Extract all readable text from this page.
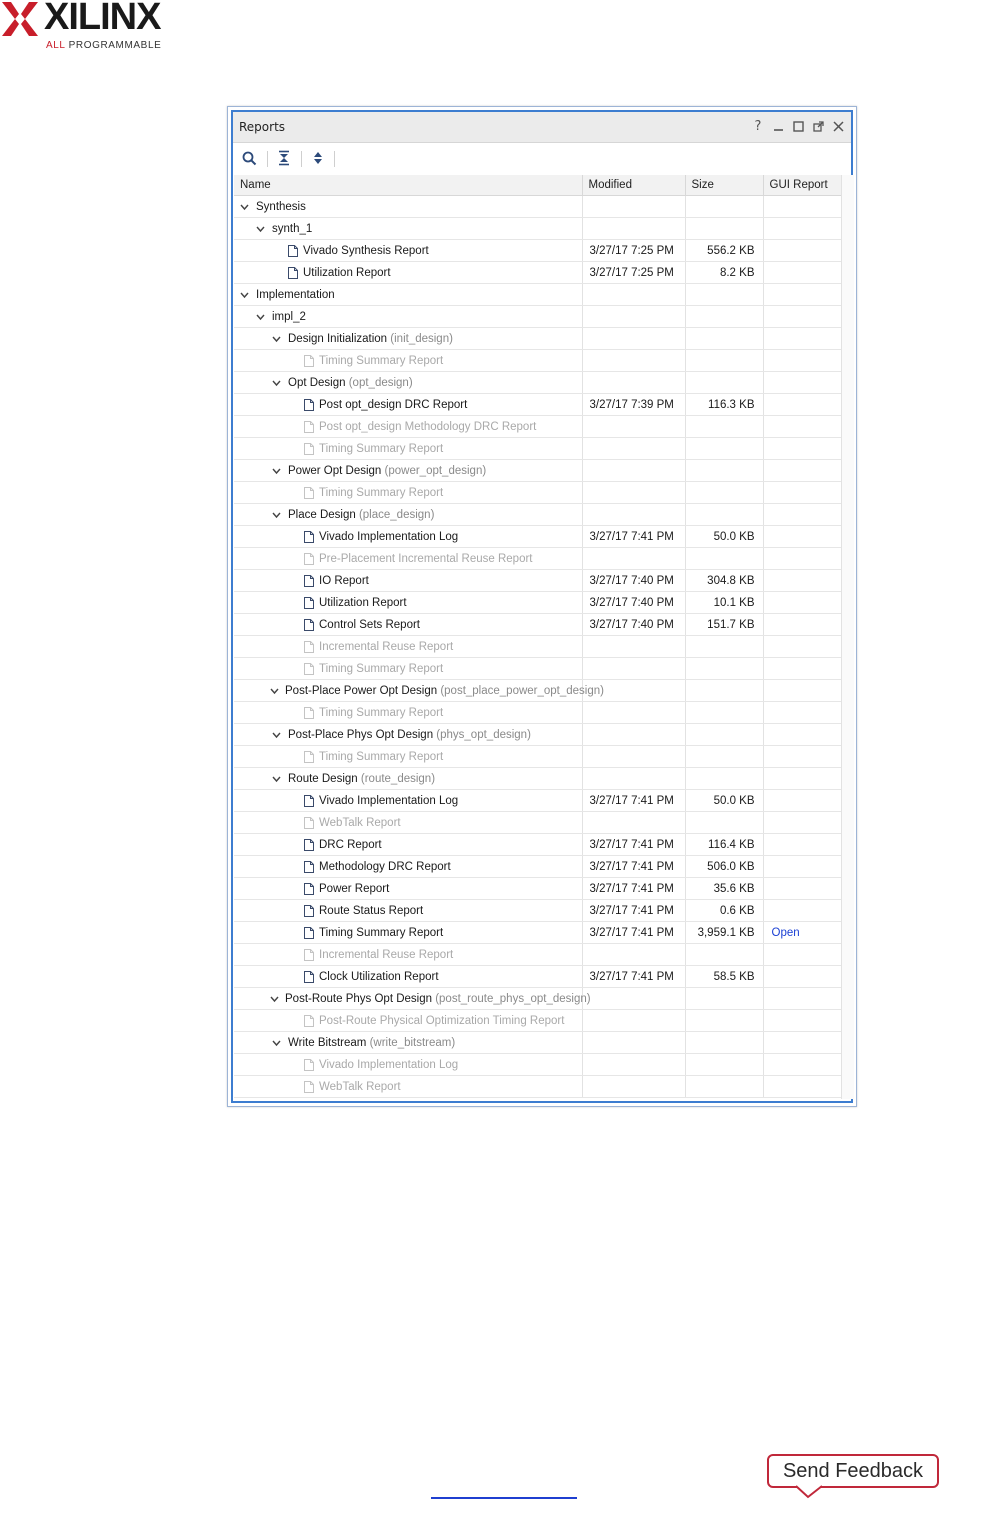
XILINX
ALL PROGRAMMABLE
Reports	?
Name	Modified	Size	GUI Report

Synthesis			

synth_1			

Vivado Synthesis Report	3/27/17 7:25 PM	556.2 KB	

Utilization Report	3/27/17 7:25 PM	8.2 KB	

Implementation			

impl_2			

Design Initialization (init_design)			

Timing Summary Report			

Opt Design (opt_design)			

Post opt_design DRC Report	3/27/17 7:39 PM	116.3 KB	

Post opt_design Methodology DRC Report			

Timing Summary Report			

Power Opt Design (power_opt_design)			

Timing Summary Report			

Place Design (place_design)			

Vivado Implementation Log	3/27/17 7:41 PM	50.0 KB	

Pre-Placement Incremental Reuse Report			

IO Report	3/27/17 7:40 PM	304.8 KB	

Utilization Report	3/27/17 7:40 PM	10.1 KB	

Control Sets Report	3/27/17 7:40 PM	151.7 KB	

Incremental Reuse Report			

Timing Summary Report			

Post-Place Power Opt Design (post_place_power_opt_design)			

Timing Summary Report			

Post-Place Phys Opt Design (phys_opt_design)			

Timing Summary Report			

Route Design (route_design)			

Vivado Implementation Log	3/27/17 7:41 PM	50.0 KB	

WebTalk Report			

DRC Report	3/27/17 7:41 PM	116.4 KB	

Methodology DRC Report	3/27/17 7:41 PM	506.0 KB	

Power Report	3/27/17 7:41 PM	35.6 KB	

Route Status Report	3/27/17 7:41 PM	0.6 KB	

Timing Summary Report	3/27/17 7:41 PM	3,959.1 KB	Open

Incremental Reuse Report			

Clock Utilization Report	3/27/17 7:41 PM	58.5 KB	

Post-Route Phys Opt Design (post_route_phys_opt_design)			

Post-Route Physical Optimization Timing Report			

Write Bitstream (write_bitstream)			

Vivado Implementation Log			

WebTalk Report			

Send Feedback
